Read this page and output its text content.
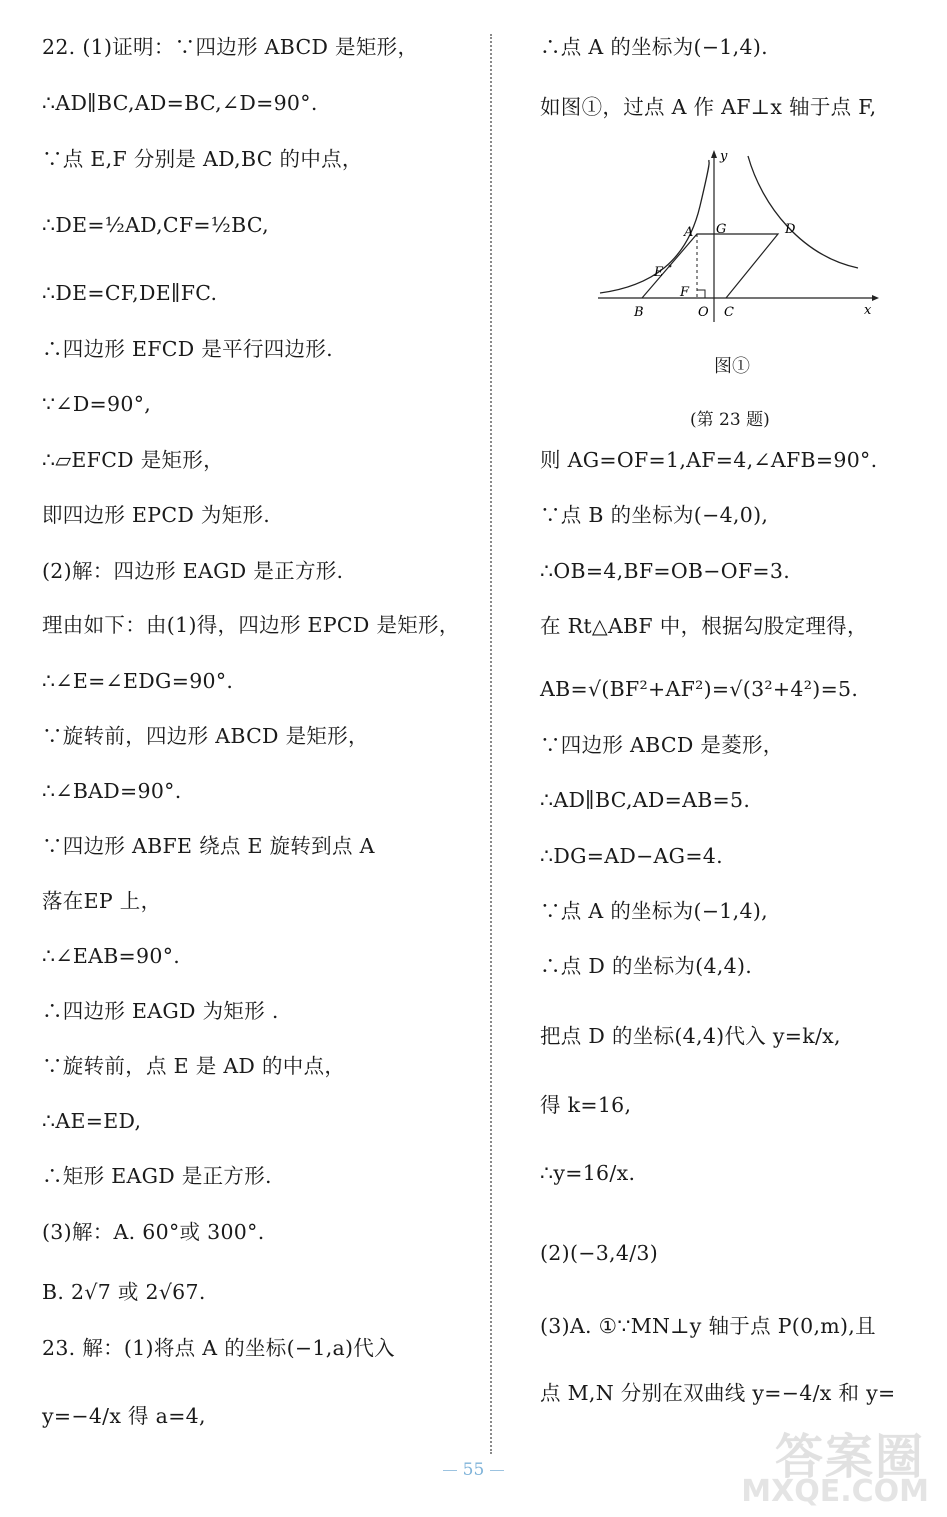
22. (1)证明：∵四边形 ABCD 是矩形，
∴AD∥BC,AD=BC,∠D=90°.
∵点 E,F 分别是 AD,BC 的中点，
∴DE=½AD,CF=½BC,
∴DE=CF,DE∥FC.
∴四边形 EFCD 是平行四边形.
∵∠D=90°,
∴▱EFCD 是矩形，
即四边形 EPCD 为矩形.
(2)解：四边形 EAGD 是正方形.
理由如下：由(1)得，四边形 EPCD 是矩形，
∴∠E=∠EDG=90°.
∵旋转前，四边形 ABCD 是矩形，
∴∠BAD=90°.
∵四边形 ABFE 绕点 E 旋转到点 A
落在EP 上，
∴∠EAB=90°.
∴四边形 EAGD 为矩形 .
∵旋转前，点 E 是 AD 的中点，
∴AE=ED,
∴矩形 EAGD 是正方形.
(3)解：A. 60°或 300°.
B. 2√7 或 2√67.
23. 解：(1)将点 A 的坐标(−1,a)代入
y=−4/x 得 a=4,
∴点 A 的坐标为(−1,4).
如图①，过点 A 作 AF⊥x 轴于点 F,
则 AG=OF=1,AF=4,∠AFB=90°.
∵点 B 的坐标为(−4,0),
∴OB=4,BF=OB−OF=3.
在 Rt△ABF 中，根据勾股定理得，
AB=√(BF²+AF²)=√(3²+4²)=5.
∵四边形 ABCD 是菱形，
∴AD∥BC,AD=AB=5.
∴DG=AD−AG=4.
∵点 A 的坐标为(−1,4),
∴点 D 的坐标为(4,4).
把点 D 的坐标(4,4)代入 y=k/x,
得 k=16,
∴y=16/x.
(2)(−3,4/3)
(3)A. ①∵MN⊥y 轴于点 P(0,m),且
点 M,N 分别在双曲线 y=−4/x 和 y=
y
x
A G	D
E
F
B	O C
图①
(第 23 题)
55	答案圈
MXQE.COM
